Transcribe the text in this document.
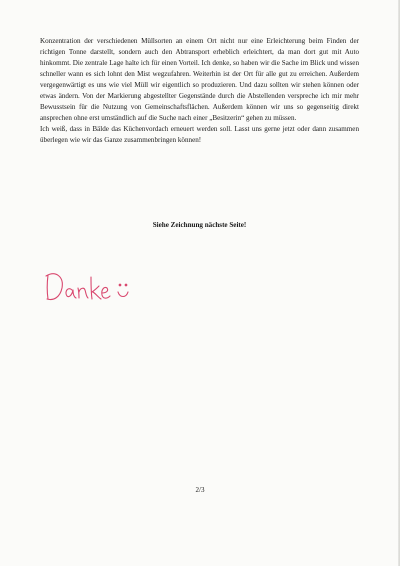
Konzentration der verschiedenen Müllsorten an einem Ort nicht nur eine Erleichterung beim Finden der richtigen Tonne darstellt, sondern auch den Abtransport erheblich erleichtert, da man dort gut mit Auto hinkommt. Die zentrale Lage halte ich für einen Vorteil. Ich denke, so haben wir die Sache im Blick und wissen schneller wann es sich lohnt den Mist wegzufahren. Weiterhin ist der Ort für alle gut zu erreichen. Außerdem vergegenwärtigt es uns wie viel Müll wir eigentlich so produzieren. Und dazu sollten wir stehen können oder etwas ändern. Von der Markierung abgestellter Gegenstände durch die Abstellenden verspreche ich mir mehr Bewusstsein für die Nutzung von Gemeinschaftsflächen. Außerdem können wir uns so gegenseitig direkt ansprechen ohne erst umständlich auf die Suche nach einer „Besitzerin“ gehen zu müssen.

Ich weiß, dass in Bälde das Küchenvordach erneuert werden soll. Lasst uns gerne jetzt oder dann zusammen überlegen wie wir das Ganze zusammenbringen können!

Siehe Zeichnung nächste Seite!
2/3
